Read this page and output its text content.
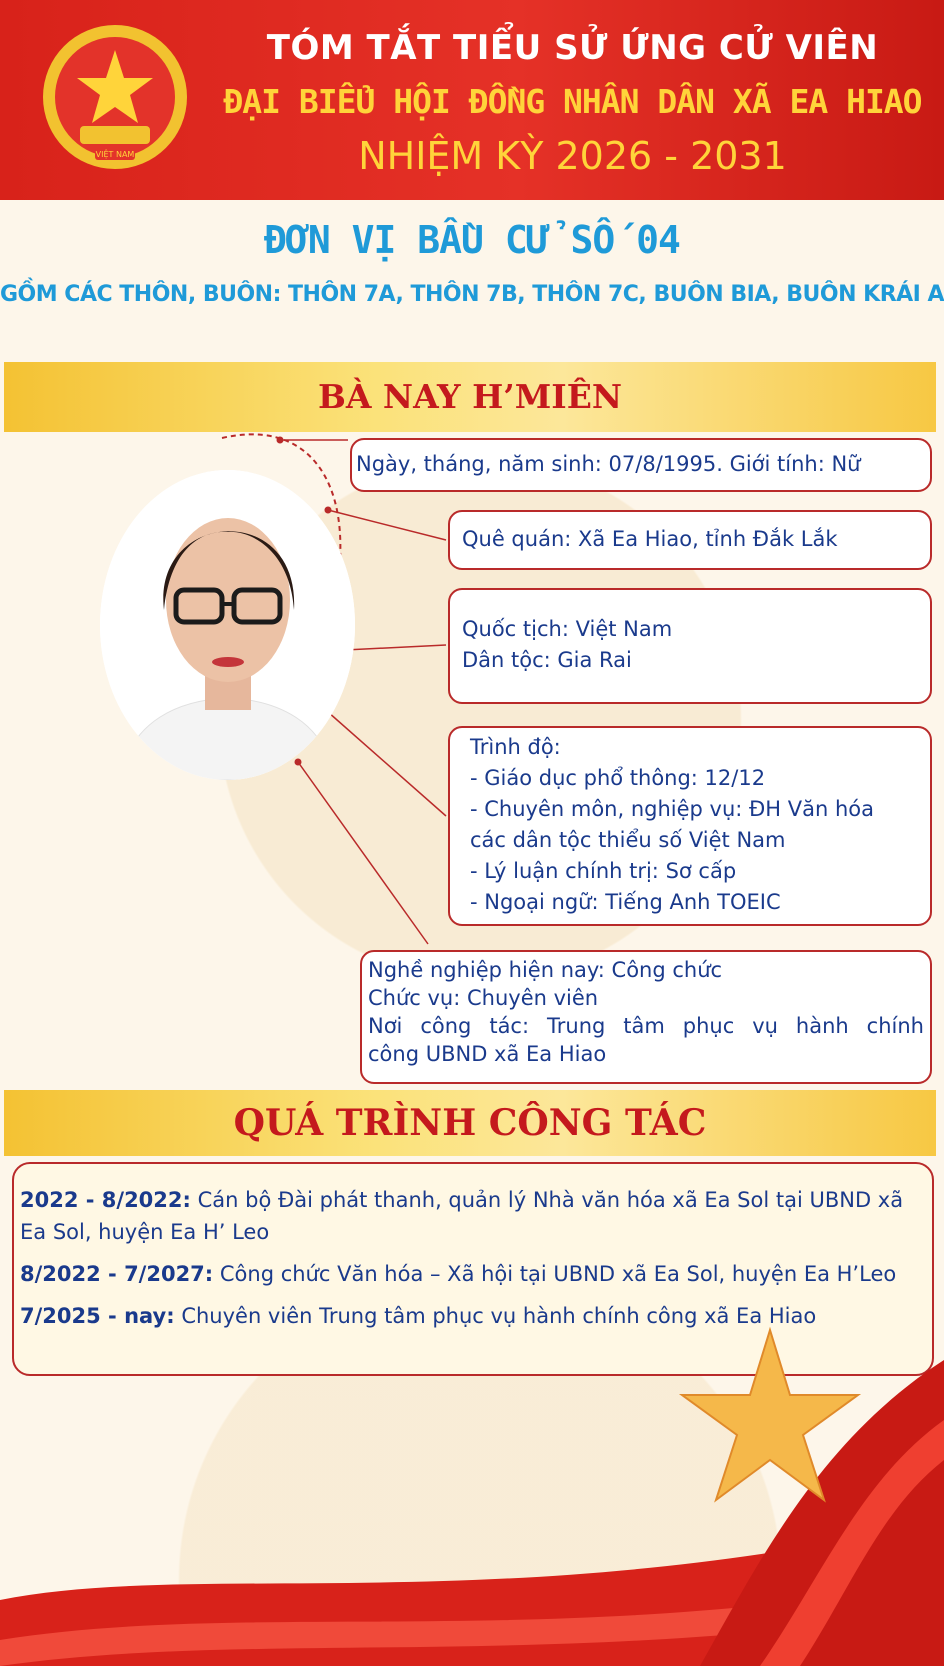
VIỆT NAM
TÓM TẮT TIỂU SỬ ỨNG CỬ VIÊN
ĐẠI BIỂU HỘI ĐỒNG NHÂN DÂN XÃ EA HIAO
NHIỆM KỲ 2026 - 2031
ĐƠN VỊ BẦU CỬ SỐ 04
GỒM CÁC THÔN, BUÔN: THÔN 7A, THÔN 7B, THÔN 7C, BUÔN BIA, BUÔN KRÁI A
BÀ NAY H’MIÊN
Ngày, tháng, năm sinh: 07/8/1995. Giới tính: Nữ
Quê quán: Xã Ea Hiao, tỉnh Đắk Lắk
Quốc tịch: Việt Nam
Dân tộc: Gia Rai
Trình độ:
- Giáo dục phổ thông: 12/12
- Chuyên môn, nghiệp vụ: ĐH Văn hóa
các dân tộc thiểu số Việt Nam
- Lý luận chính trị: Sơ cấp
- Ngoại ngữ: Tiếng Anh TOEIC
Nghề nghiệp hiện nay: Công chức
Chức vụ: Chuyên viên
Nơi công tác: Trung tâm phục vụ hành chính
công UBND xã Ea Hiao
QUÁ TRÌNH CÔNG TÁC
2022 - 8/2022: Cán bộ Đài phát thanh, quản lý Nhà văn hóa xã Ea Sol tại UBND xã Ea Sol, huyện Ea H’ Leo
8/2022 - 7/2027: Công chức Văn hóa – Xã hội tại UBND xã Ea Sol, huyện Ea H’Leo
7/2025 - nay: Chuyên viên Trung tâm phục vụ hành chính công xã Ea Hiao
